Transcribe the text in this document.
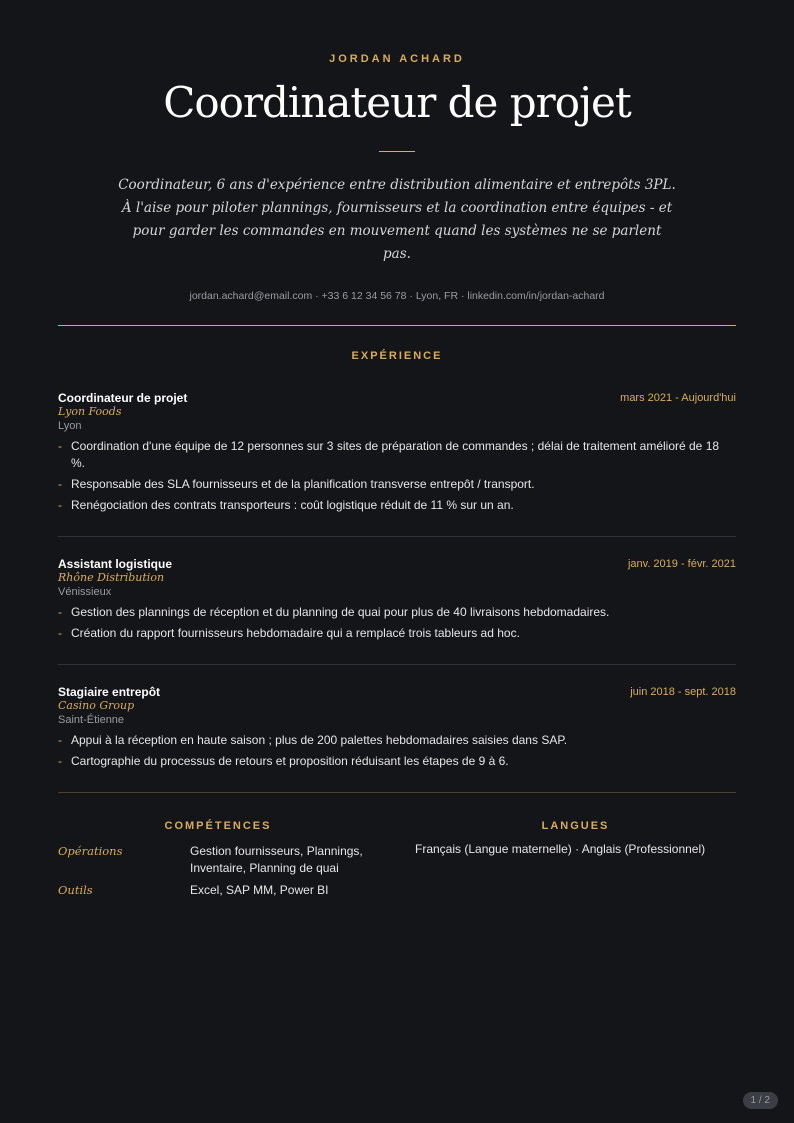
JORDAN ACHARD
Coordinateur de projet
Coordinateur, 6 ans d'expérience entre distribution alimentaire et entrepôts 3PL. À l'aise pour piloter plannings, fournisseurs et la coordination entre équipes - et pour garder les commandes en mouvement quand les systèmes ne se parlent pas.
jordan.achard@email.com · +33 6 12 34 56 78 · Lyon, FR · linkedin.com/in/jordan-achard
EXPÉRIENCE
Coordinateur de projet	mars 2021 - Aujourd'hui
Lyon Foods
Lyon
- Coordination d'une équipe de 12 personnes sur 3 sites de préparation de commandes ; délai de traitement amélioré de 18 %.
- Responsable des SLA fournisseurs et de la planification transverse entrepôt / transport.
- Renégociation des contrats transporteurs : coût logistique réduit de 11 % sur un an.
Assistant logistique	janv. 2019 - févr. 2021
Rhône Distribution
Vénissieux
- Gestion des plannings de réception et du planning de quai pour plus de 40 livraisons hebdomadaires.
- Création du rapport fournisseurs hebdomadaire qui a remplacé trois tableurs ad hoc.
Stagiaire entrepôt	juin 2018 - sept. 2018
Casino Group
Saint-Étienne
- Appui à la réception en haute saison ; plus de 200 palettes hebdomadaires saisies dans SAP.
- Cartographie du processus de retours et proposition réduisant les étapes de 9 à 6.
COMPÉTENCES
Opérations	Gestion fournisseurs, Plannings, Inventaire, Planning de quai
Outils	Excel, SAP MM, Power BI
LANGUES
Français (Langue maternelle) · Anglais (Professionnel)
1 / 2
